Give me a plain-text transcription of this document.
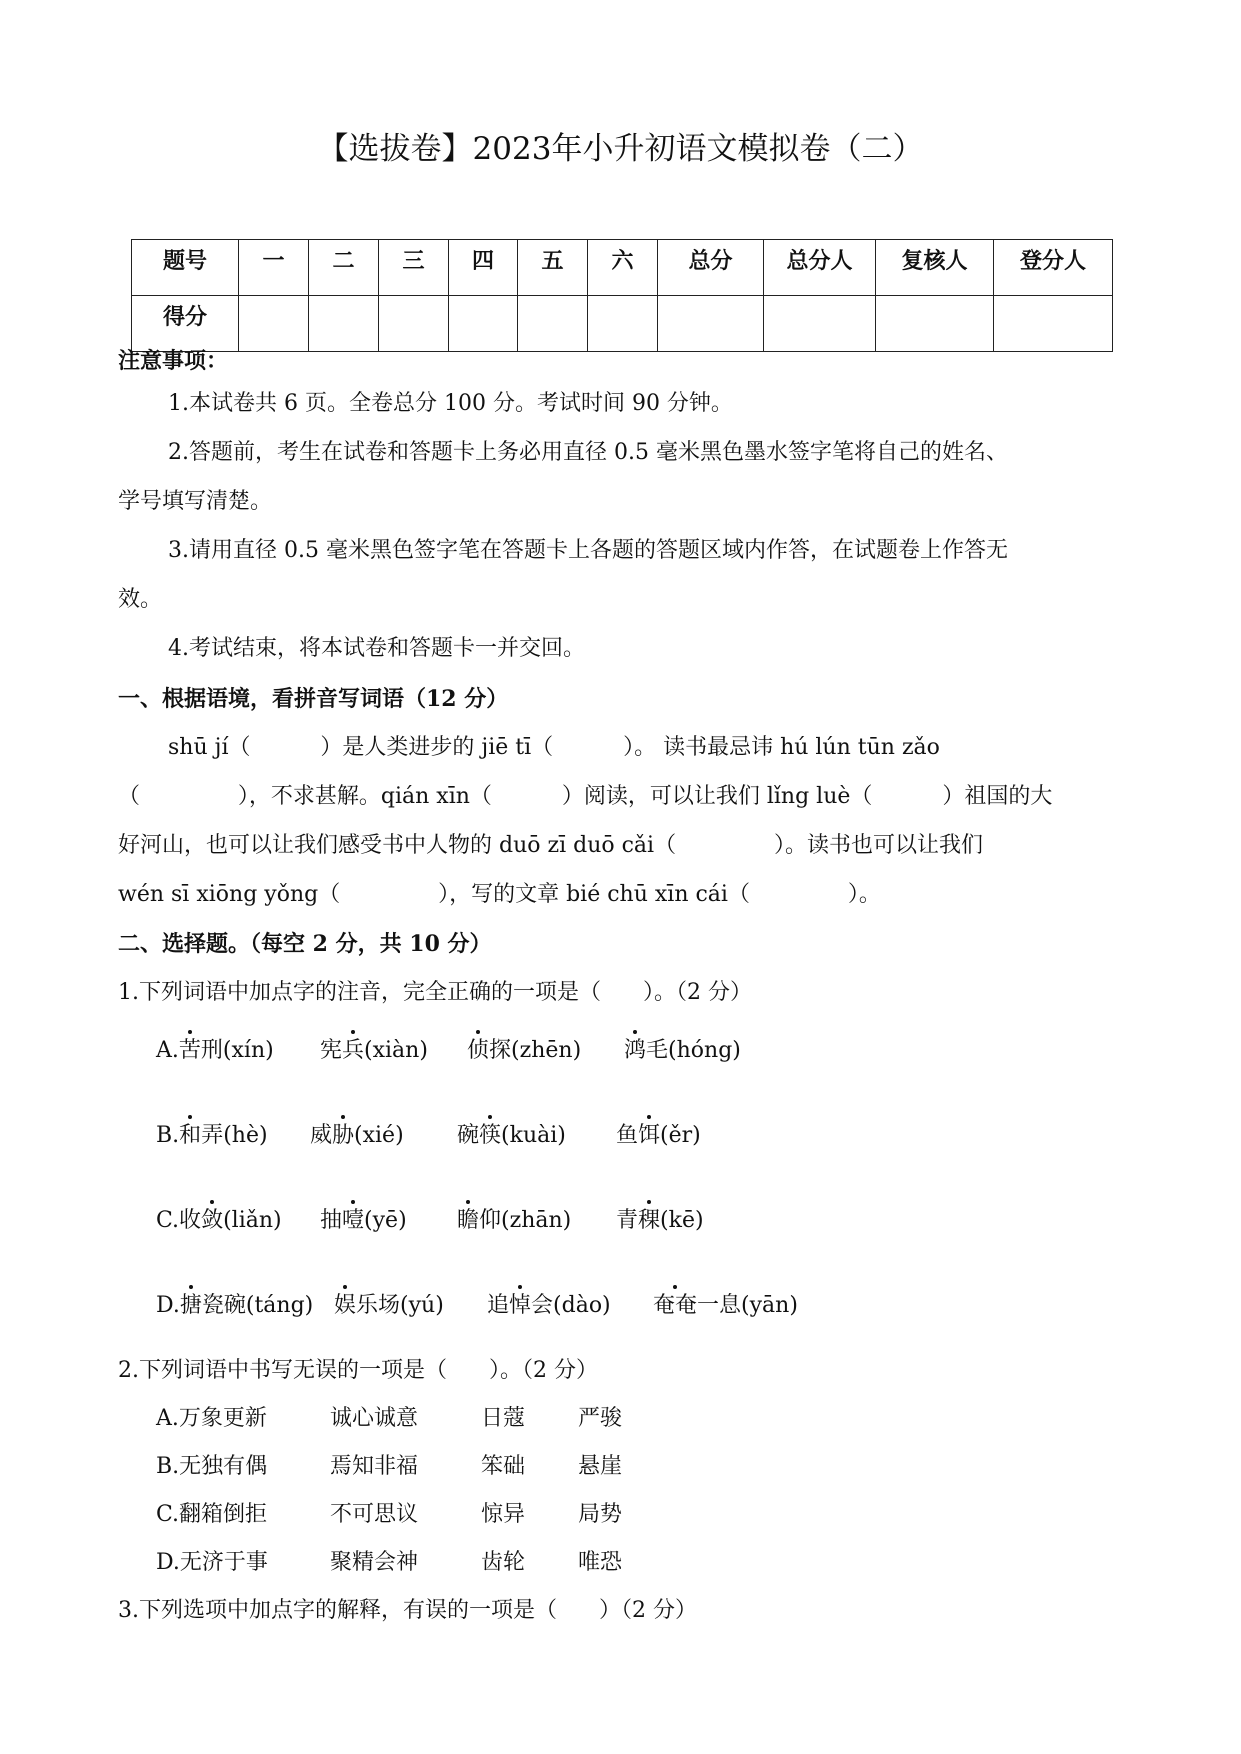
【选拔卷】2023年小升初语文模拟卷（二）
题号	一	二	三	四	五	六	总分	总分人	复核人	登分人
得分										
注意事项：
1.本试卷共 6 页。全卷总分 100 分。考试时间 90 分钟。
2.答题前，考生在试卷和答题卡上务必用直径 0.5 毫米黑色墨水签字笔将自己的姓名、
学号填写清楚。
3.请用直径 0.5 毫米黑色签字笔在答题卡上各题的答题区域内作答，在试题卷上作答无
效。
4.考试结束，将本试卷和答题卡一并交回。
一、根据语境，看拼音写词语（12 分）
shū jí（          ）是人类进步的 jiē tī（          ）。 读书最忌讳 hú lún tūn zǎo
（              ），不求甚解。qián xīn（          ）阅读，可以让我们 lǐng luè（          ）祖国的大
好河山，也可以让我们感受书中人物的 duō zī duō cǎi（              ）。读书也可以让我们
wén sī xiōng yǒng（              ），写的文章 bié chū xīn cái（              ）。
二、选择题。（每空 2 分，共 10 分）
1.下列词语中加点字的注音，完全正确的一项是（      ）。（2 分）
A.苦刑(xín) 宪兵(xiàn) 侦探(zhēn) 鸿毛(hóng)
B.和弄(hè) 威胁(xié) 碗筷(kuài) 鱼饵(ěr)
C.收敛(liǎn) 抽噎(yē) 瞻仰(zhān) 青稞(kē)
D.搪瓷碗(táng) 娱乐场(yú) 追悼会(dào) 奄奄一息(yān)
2.下列词语中书写无误的一项是（      ）。（2 分）
A.万象更新	诚心诚意	日蔻 严骏
B.无独有偶	焉知非福	笨础 悬崖
C.翻箱倒拒	不可思议	惊异 局势
D.无济于事	聚精会神	齿轮 唯恐
3.下列选项中加点字的解释，有误的一项是（      ）（2 分）
